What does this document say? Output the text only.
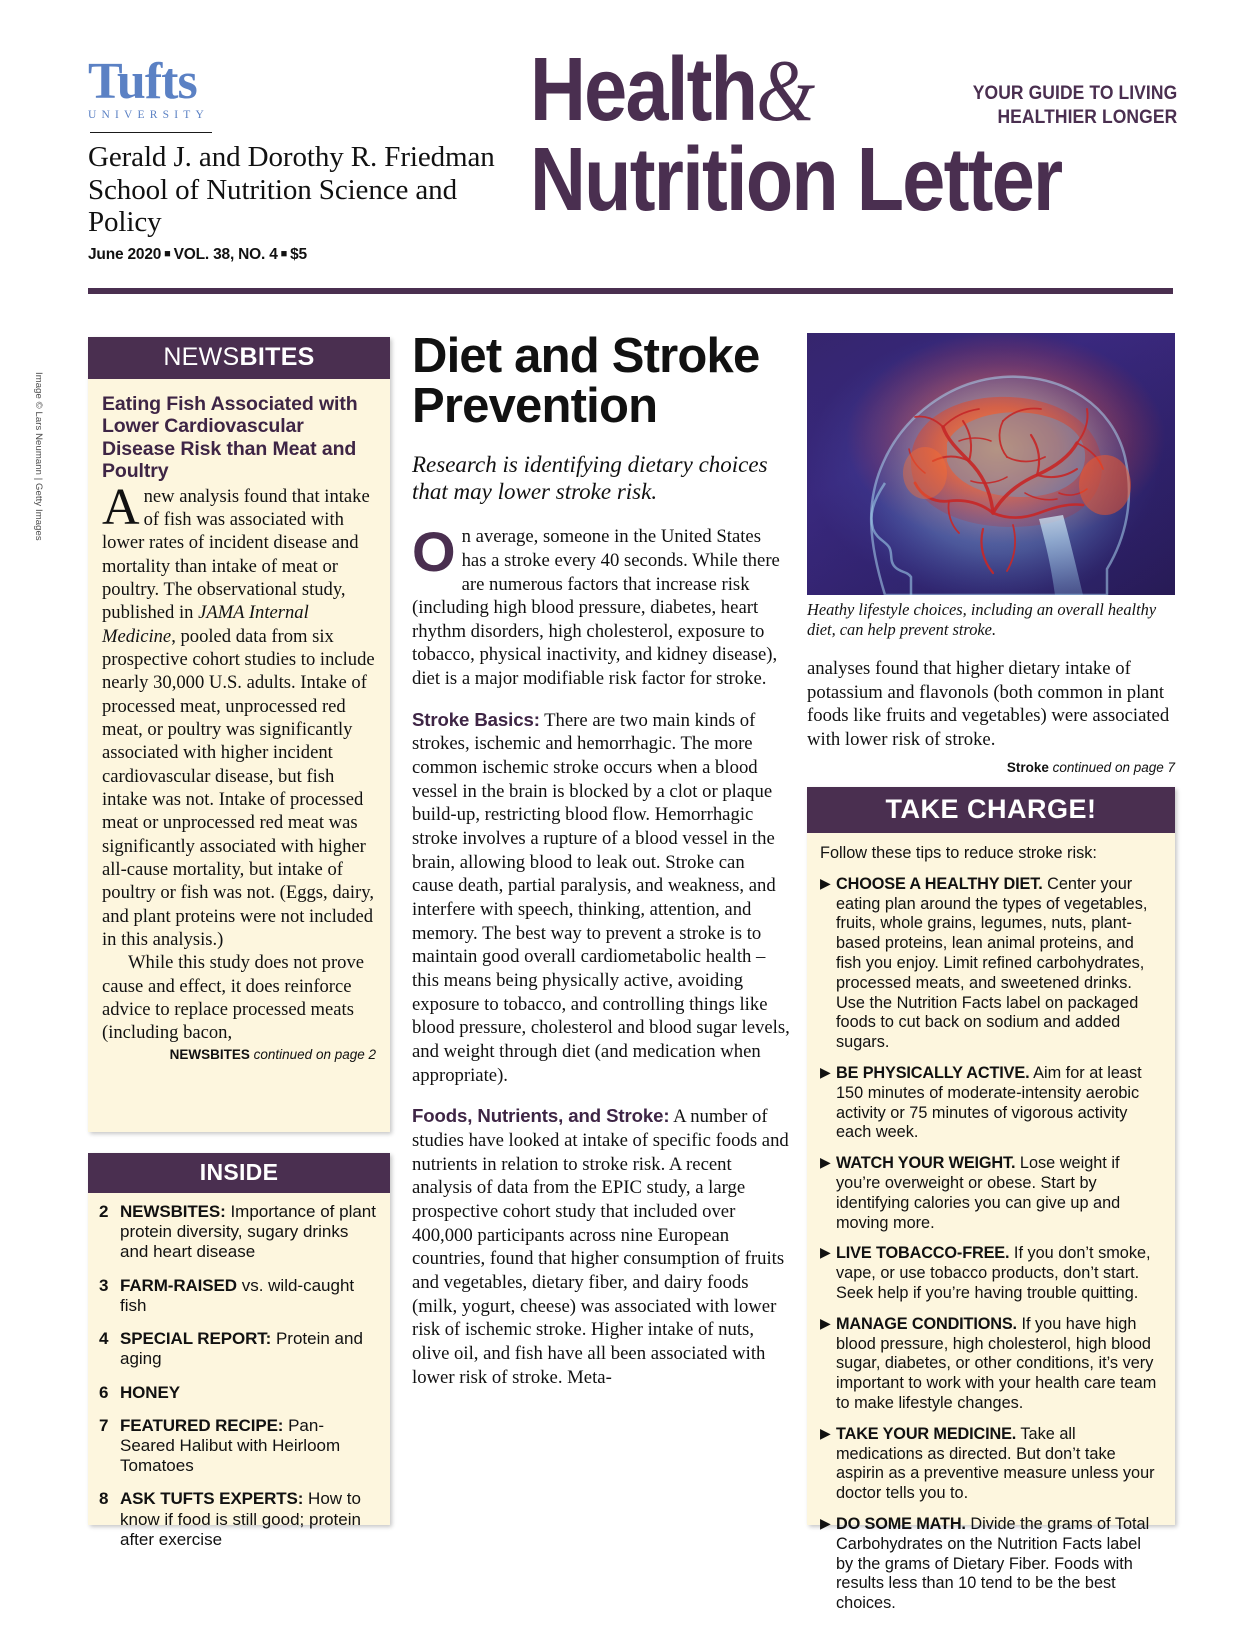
Tufts
UNIVERSITY
Gerald J. and Dorothy R. Friedman School of Nutrition Science and Policy
June 2020 ■ VOL. 38, NO. 4 ■ $5
Health&
Nutrition Letter
YOUR GUIDE TO LIVING
HEALTHIER LONGER
Image © Lars Neumann | Getty Images
NEWSBITES
Eating Fish Associated with Lower Cardiovascular Disease Risk than Meat and Poultry

A new analysis found that intake of fish was associated with lower rates of incident disease and mortality than intake of meat or poultry. The observational study, published in JAMA Internal Medicine, pooled data from six prospective cohort studies to include nearly 30,000 U.S. adults. Intake of processed meat, unprocessed red meat, or poultry was significantly associated with higher incident cardiovascular disease, but fish intake was not. Intake of processed meat or unprocessed red meat was significantly associated with higher all-cause mortality, but intake of poultry or fish was not. (Eggs, dairy, and plant proteins were not included in this analysis.)

While this study does not prove cause and effect, it does reinforce advice to replace processed meats (including bacon,

NEWSBITES continued on page 2
INSIDE
2 NEWSBITES: Importance of plant protein diversity, sugary drinks and heart disease
3 FARM-RAISED vs. wild-caught fish
4 SPECIAL REPORT: Protein and aging
6 HONEY
7 FEATURED RECIPE: Pan-Seared Halibut with Heirloom Tomatoes
8 ASK TUFTS EXPERTS: How to know if food is still good; protein after exercise
Diet and Stroke Prevention
Research is identifying dietary choices that may lower stroke risk.

On average, someone in the United States has a stroke every 40 seconds. While there are numerous factors that increase risk (including high blood pressure, diabetes, heart rhythm disorders, high cholesterol, exposure to tobacco, physical inactivity, and kidney disease), diet is a major modifiable risk factor for stroke.

Stroke Basics: There are two main kinds of strokes, ischemic and hemorrhagic. The more common ischemic stroke occurs when a blood vessel in the brain is blocked by a clot or plaque build-up, restricting blood flow. Hemorrhagic stroke involves a rupture of a blood vessel in the brain, allowing blood to leak out. Stroke can cause death, partial paralysis, and weakness, and interfere with speech, thinking, attention, and memory. The best way to prevent a stroke is to maintain good overall cardiometabolic health – this means being physically active, avoiding exposure to tobacco, and controlling things like blood pressure, cholesterol and blood sugar levels, and weight through diet (and medication when appropriate).

Foods, Nutrients, and Stroke: A number of studies have looked at intake of specific foods and nutrients in relation to stroke risk. A recent analysis of data from the EPIC study, a large prospective cohort study that included over 400,000 participants across nine European countries, found that higher consumption of fruits and vegetables, dietary fiber, and dairy foods (milk, yogurt, cheese) was associated with lower risk of ischemic stroke. Higher intake of nuts, olive oil, and fish have all been associated with lower risk of stroke. Meta-

Heathy lifestyle choices, including an overall healthy diet, can help prevent stroke.
analyses found that higher dietary intake of potassium and flavonols (both common in plant foods like fruits and vegetables) were associated with lower risk of stroke.
Stroke continued on page 7
TAKE CHARGE!

Follow these tips to reduce stroke risk:

▶ CHOOSE A HEALTHY DIET. Center your eating plan around the types of vegetables, fruits, whole grains, legumes, nuts, plant-based proteins, lean animal proteins, and fish you enjoy. Limit refined carbohydrates, processed meats, and sweetened drinks. Use the Nutrition Facts label on packaged foods to cut back on sodium and added sugars.
▶ BE PHYSICALLY ACTIVE. Aim for at least 150 minutes of moderate-intensity aerobic activity or 75 minutes of vigorous activity each week.
▶ WATCH YOUR WEIGHT. Lose weight if you’re overweight or obese. Start by identifying calories you can give up and moving more.
▶ LIVE TOBACCO-FREE. If you don’t smoke, vape, or use tobacco products, don’t start. Seek help if you’re having trouble quitting.
▶ MANAGE CONDITIONS. If you have high blood pressure, high cholesterol, high blood sugar, diabetes, or other conditions, it’s very important to work with your health care team to make lifestyle changes.
▶ TAKE YOUR MEDICINE. Take all medications as directed. But don’t take aspirin as a preventive measure unless your doctor tells you to.
▶ DO SOME MATH. Divide the grams of Total Carbohydrates on the Nutrition Facts label by the grams of Dietary Fiber. Foods with results less than 10 tend to be the best choices.
